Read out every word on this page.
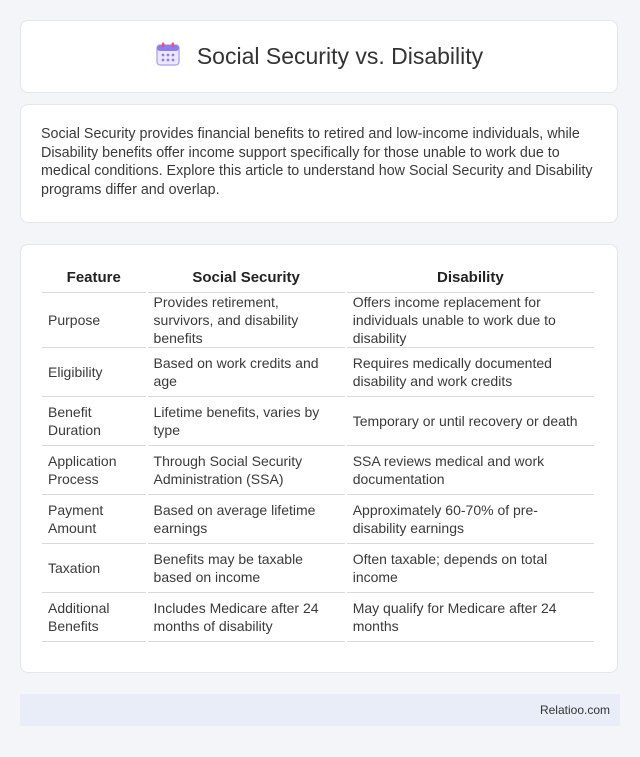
Social Security vs. Disability

Social Security provides financial benefits to retired and low-income individuals, while Disability benefits offer income support specifically for those unable to work due to medical conditions. Explore this article to understand how Social Security and Disability programs differ and overlap.

Feature	Social Security	Disability
Purpose	Provides retirement, survivors, and disability benefits	Offers income replacement for individuals unable to work due to disability
Eligibility	Based on work credits and age	Requires medically documented disability and work credits
Benefit Duration	Lifetime benefits, varies by type	Temporary or until recovery or death
Application Process	Through Social Security Administration (SSA)	SSA reviews medical and work documentation
Payment Amount	Based on average lifetime earnings	Approximately 60-70% of pre-disability earnings
Taxation	Benefits may be taxable based on income	Often taxable; depends on total income
Additional Benefits	Includes Medicare after 24 months of disability	May qualify for Medicare after 24 months
Relatioo.com
